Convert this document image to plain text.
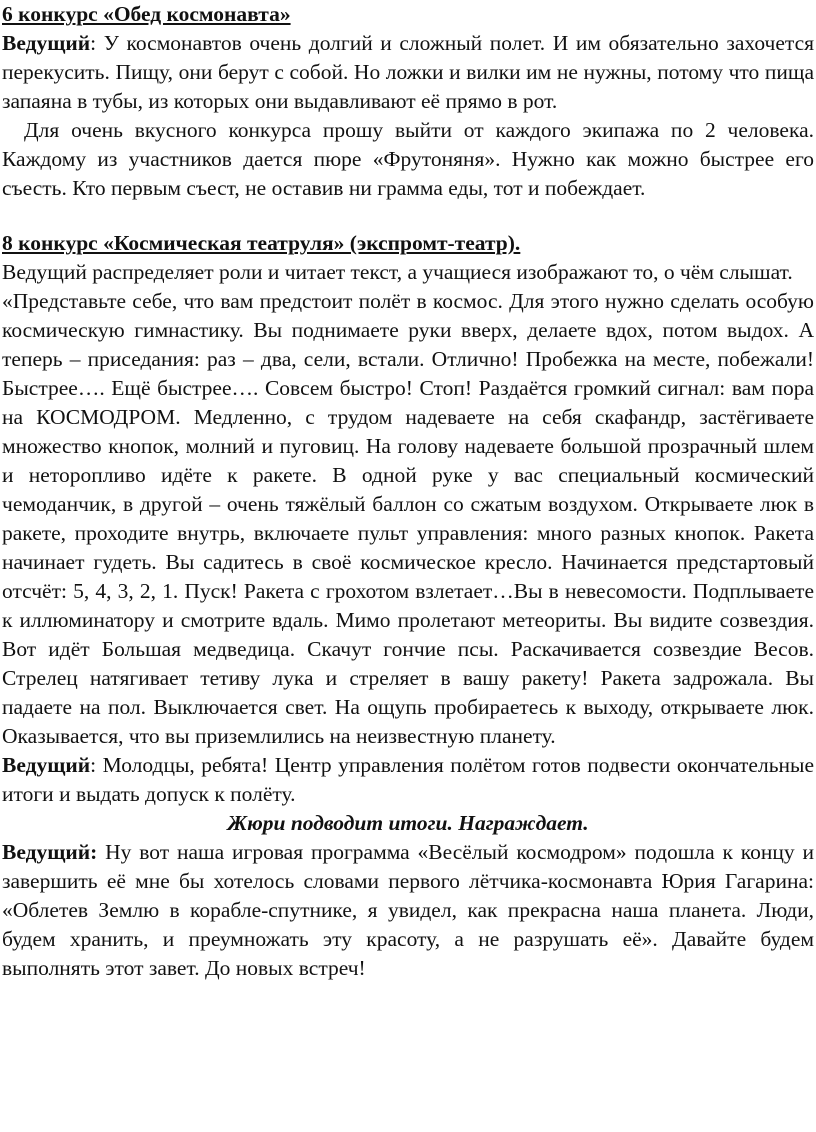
6 конкурс «Обед космонавта»

Ведущий: У космонавтов очень долгий и сложный полет. И им обязательно захочется перекусить. Пищу, они берут с собой. Но ложки и вилки им не нужны, потому что пища запаяна в тубы, из которых они выдавливают её прямо в рот.

Для очень вкусного конкурса прошу выйти от каждого экипажа по 2 человека. Каждому из участников дается пюре «Фрутоняня». Нужно как можно быстрее его съесть. Кто первым съест, не оставив ни грамма еды, тот и побеждает.

8 конкурс «Космическая театруля» (экспромт-театр).

Ведущий распределяет роли и читает текст, а учащиеся изображают то, о чём слышат.

«Представьте себе, что вам предстоит полёт в космос. Для этого нужно сделать особую космическую гимнастику. Вы поднимаете руки вверх, делаете вдох, потом выдох. А теперь – приседания: раз – два, сели, встали. Отлично! Пробежка на месте, побежали! Быстрее…. Ещё быстрее…. Совсем быстро! Стоп! Раздаётся громкий сигнал: вам пора на КОСМОДРОМ. Медленно, с трудом надеваете на себя скафандр, застёгиваете множество кнопок, молний и пуговиц. На голову надеваете большой прозрачный шлем и неторопливо идёте к ракете. В одной руке у вас специальный космический чемоданчик, в другой – очень тяжёлый баллон со сжатым воздухом. Открываете люк в ракете, проходите внутрь, включаете пульт управления: много разных кнопок. Ракета начинает гудеть. Вы садитесь в своё космическое кресло. Начинается предстартовый отсчёт: 5, 4, 3, 2, 1. Пуск! Ракета с грохотом взлетает…Вы в невесомости. Подплываете к иллюминатору и смотрите вдаль. Мимо пролетают метеориты. Вы видите созвездия. Вот идёт Большая медведица. Скачут гончие псы. Раскачивается созвездие Весов. Стрелец натягивает тетиву лука и стреляет в вашу ракету! Ракета задрожала. Вы падаете на пол. Выключается свет. На ощупь пробираетесь к выходу, открываете люк. Оказывается, что вы приземлились на неизвестную планету.

Ведущий: Молодцы, ребята! Центр управления полётом готов подвести окончательные итоги и выдать допуск к полёту.

Жюри подводит итоги. Награждает.

Ведущий: Ну вот наша игровая программа «Весёлый космодром» подошла к концу и завершить её мне бы хотелось словами первого лётчика-космонавта Юрия Гагарина: «Облетев Землю в корабле-спутнике, я увидел, как прекрасна наша планета. Люди, будем хранить, и преумножать эту красоту, а не разрушать её». Давайте будем выполнять этот завет. До новых встреч!
